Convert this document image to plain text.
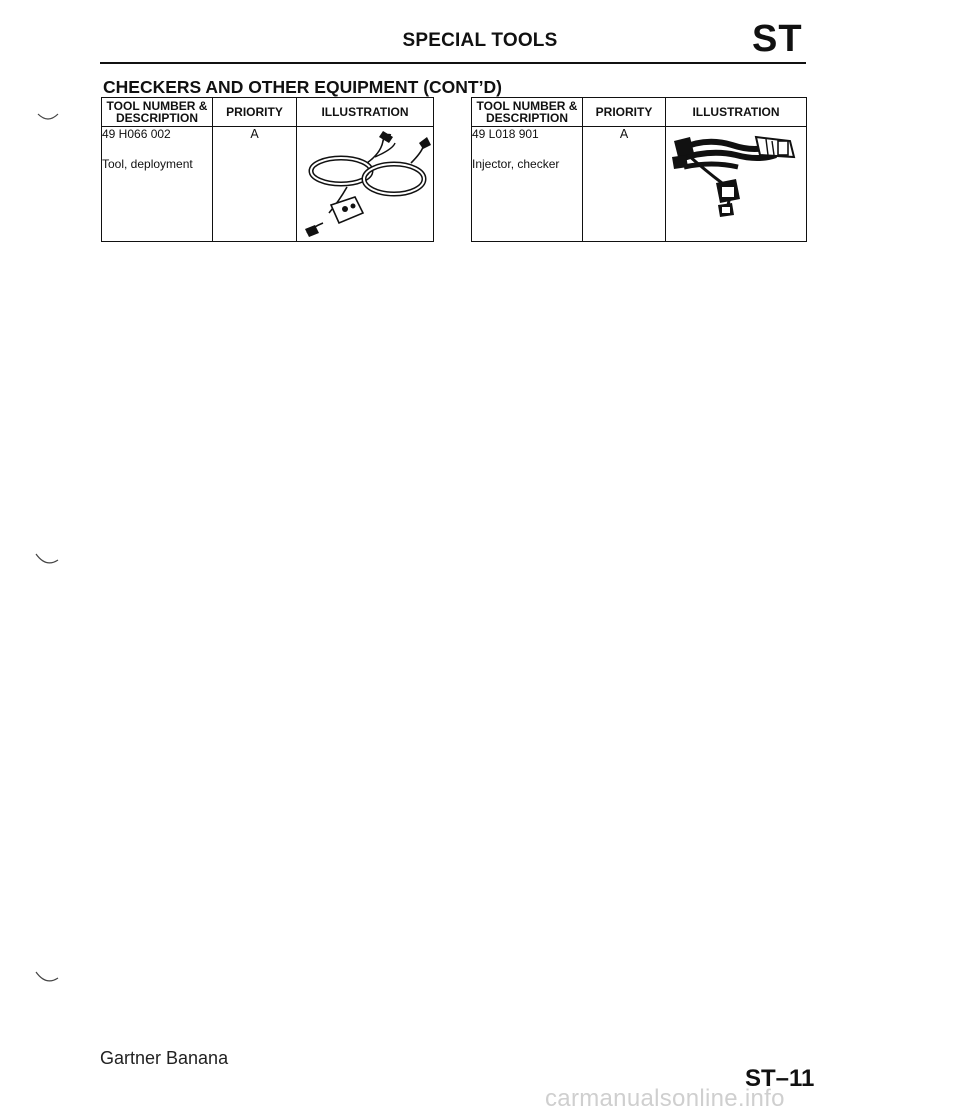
SPECIAL TOOLS	ST
CHECKERS AND OTHER EQUIPMENT (CONT’D)
TOOL NUMBER &
DESCRIPTION	PRIORITY	ILLUSTRATION

49 H066 002
Tool, deployment	A	
TOOL NUMBER &
DESCRIPTION	PRIORITY	ILLUSTRATION

49 L018 901
Injector, checker	A	
Gartner Banana
carmanualsonline.info
ST–11
